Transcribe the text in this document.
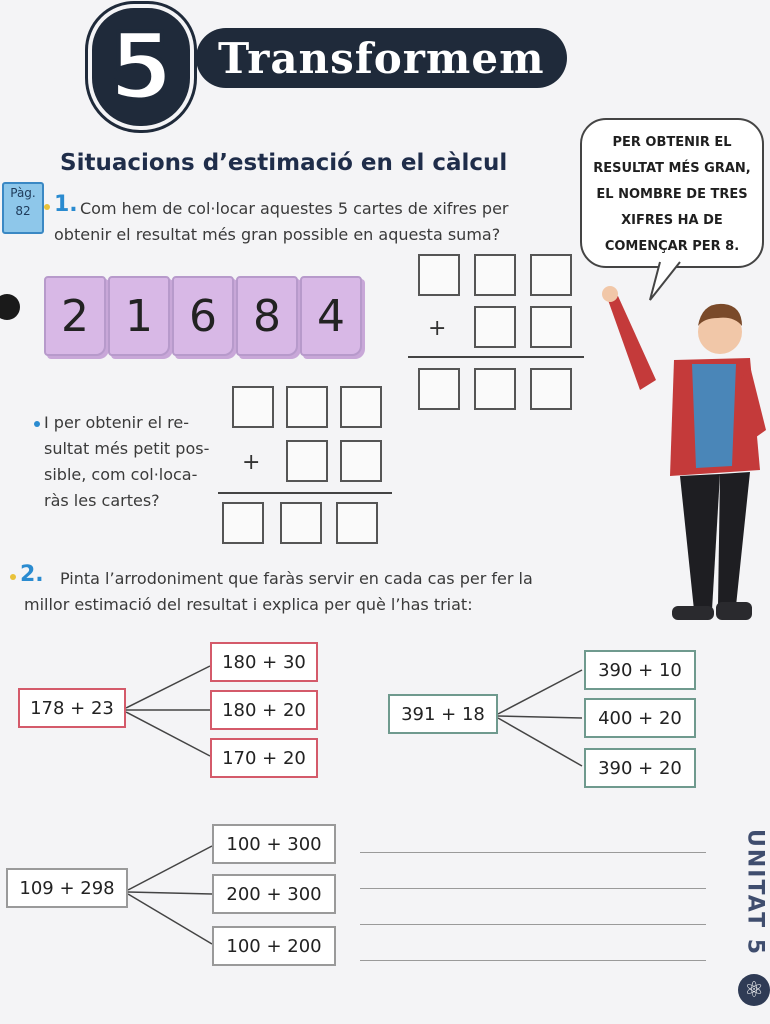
5	Transformem
Situacions d’estimació en el càlcul
Pàg.
82
PER OBTENIR EL
RESULTAT MÉS GRAN,
EL NOMBRE DE TRES
XIFRES HA DE
COMENÇAR PER 8.
1. Com hem de col·locar aquestes 5 cartes de xifres per
obtenir el resultat més gran possible en aquesta suma?
2 1 6 8 4	+
I per obtenir el re-
sultat més petit pos-
sible, com col·loca-
ràs les cartes?
+
2. Pinta l’arrodoniment que faràs servir en cada cas per fer la
millor estimació del resultat i explica per què l’has triat:
178 + 23
180 + 30
180 + 20
170 + 20
391 + 18
390 + 10
400 + 20
390 + 20
109 + 298
100 + 300
200 + 300
100 + 200	UNITAT 5
⚛
